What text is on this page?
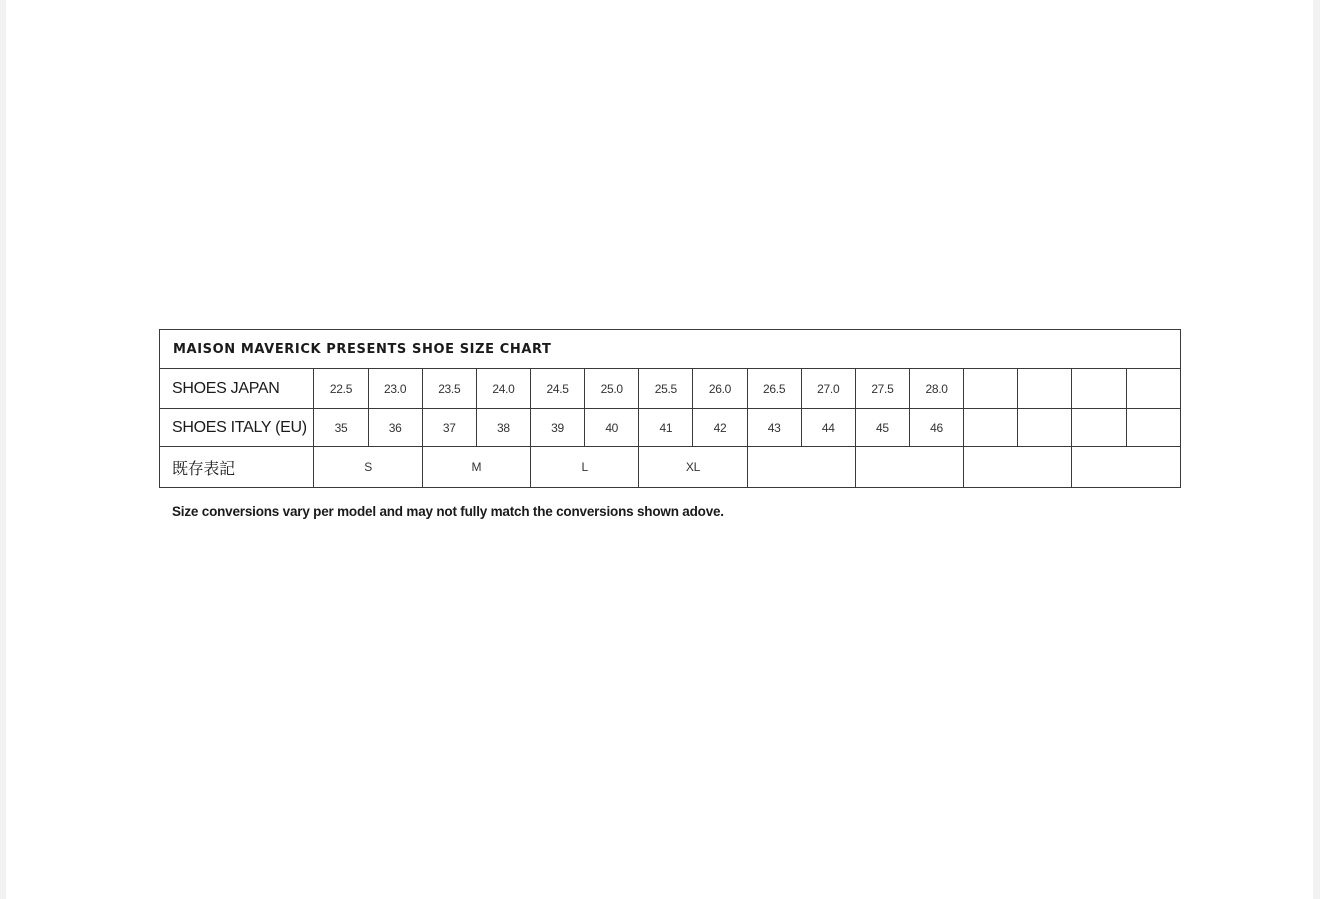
MAISON MAVERICK PRESENTS SHOE SIZE CHART																
SHOES JAPAN	22.5	23.0	23.5	24.0	24.5	25.0	25.5	26.0	26.5	27.0	27.5	28.0				
SHOES ITALY (EU)	35	36	37	38	39	40	41	42	43	44	45	46				
既存表記	S		M		L		XL									
Size conversions vary per model and may not fully match the conversions shown adove.
